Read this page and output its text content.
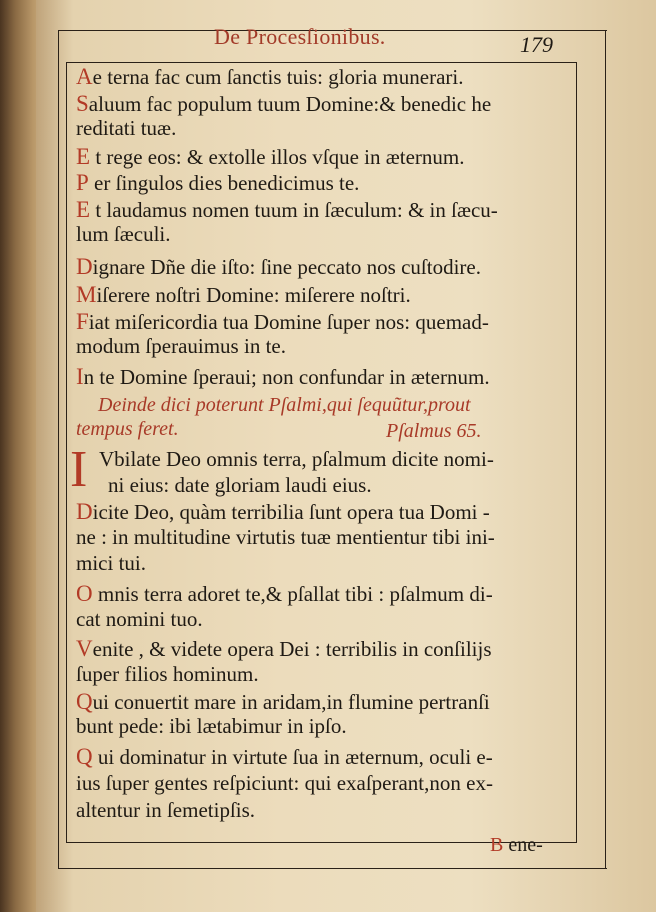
De Procesſionibus.	179
Ae terna fac cum ſanctis tuis: gloria munerari.
Saluum fac populum tuum Domine:& benedic he
reditati tuæ.
E t rege eos: & extolle illos vſque in æternum.
P er ſingulos dies benedicimus te.
E t laudamus nomen tuum in ſæculum: & in ſæcu-
lum ſæculi.
Dignare Dñe die iſto: ſine peccato nos cuſtodire.
Miſerere noſtri Domine: miſerere noſtri.
Fiat miſericordia tua Domine ſuper nos: quemad-
modum ſperauimus in te.
In te Domine ſperaui; non confundar in æternum.
Deinde dici poterunt Pſalmi,qui ſequũtur,prout
tempus feret.	Pſalmus 65.
I Vbilate Deo omnis terra, pſalmum dicite nomi-
ni eius: date gloriam laudi eius.
Dicite Deo, quàm terribilia ſunt opera tua Domi -
ne : in multitudine virtutis tuæ mentientur tibi ini-
mici tui.
O mnis terra adoret te,& pſallat tibi : pſalmum di-
cat nomini tuo.
Venite , & videte opera Dei : terribilis in conſilijs
ſuper filios hominum.
Qui conuertit mare in aridam,in flumine pertranſi
bunt pede: ibi lætabimur in ipſo.
Q ui dominatur in virtute ſua in æternum, oculi e-
ius ſuper gentes reſpiciunt: qui exaſperant,non ex-
altentur in ſemetipſis.
B ene-
